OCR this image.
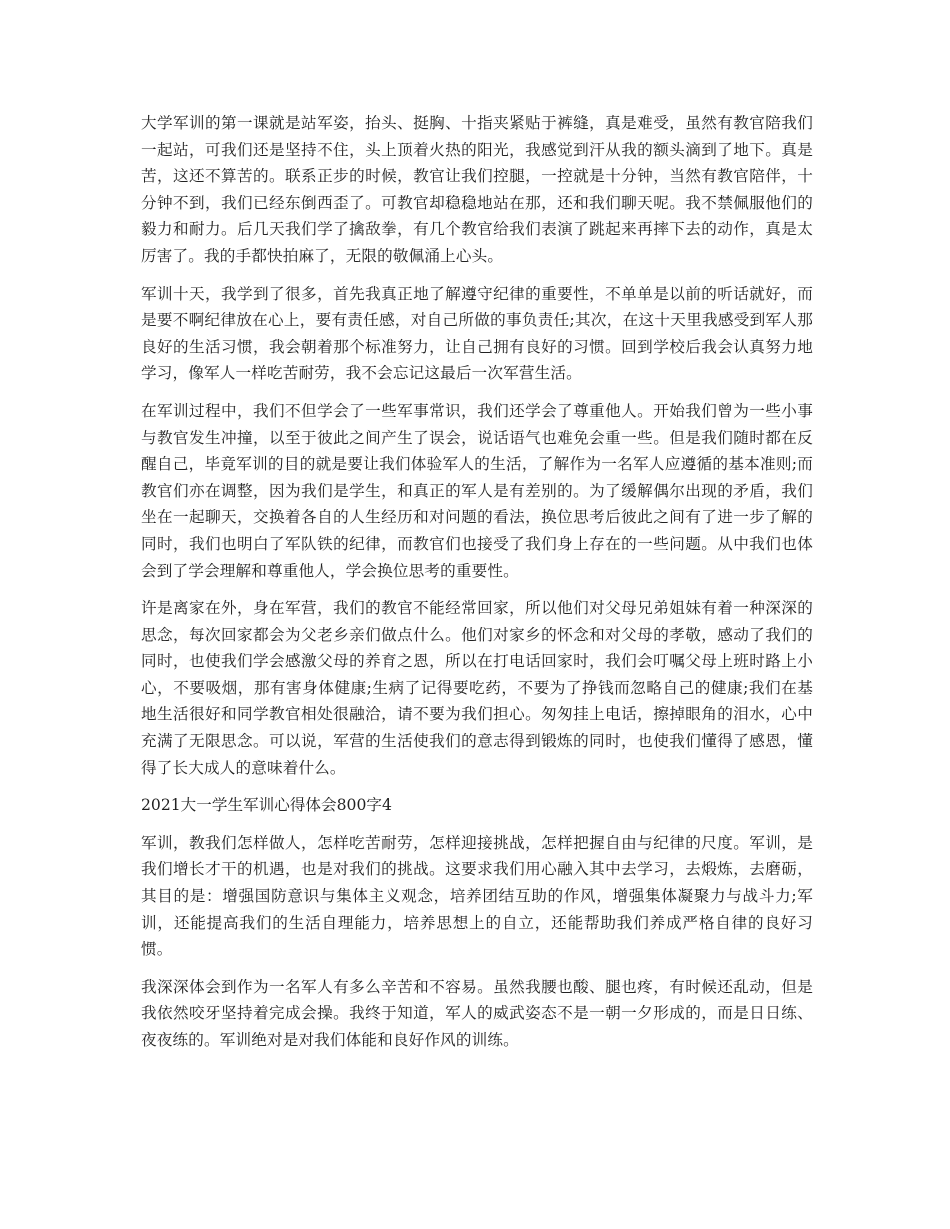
大学军训的第一课就是站军姿，抬头、挺胸、十指夹紧贴于裤缝，真是难受，虽然有教官陪我们一起站，可我们还是坚持不住，头上顶着火热的阳光，我感觉到汗从我的额头滴到了地下。真是苦，这还不算苦的。联系正步的时候，教官让我们控腿，一控就是十分钟，当然有教官陪伴，十分钟不到，我们已经东倒西歪了。可教官却稳稳地站在那，还和我们聊天呢。我不禁佩服他们的毅力和耐力。后几天我们学了擒敌拳，有几个教官给我们表演了跳起来再摔下去的动作，真是太厉害了。我的手都快拍麻了，无限的敬佩涌上心头。

军训十天，我学到了很多，首先我真正地了解遵守纪律的重要性，不单单是以前的听话就好，而是要不啊纪律放在心上，要有责任感，对自己所做的事负责任;其次，在这十天里我感受到军人那良好的生活习惯，我会朝着那个标准努力，让自己拥有良好的习惯。回到学校后我会认真努力地学习，像军人一样吃苦耐劳，我不会忘记这最后一次军营生活。

在军训过程中，我们不但学会了一些军事常识，我们还学会了尊重他人。开始我们曾为一些小事与教官发生冲撞，以至于彼此之间产生了误会，说话语气也难免会重一些。但是我们随时都在反醒自己，毕竟军训的目的就是要让我们体验军人的生活，了解作为一名军人应遵循的基本准则;而教官们亦在调整，因为我们是学生，和真正的军人是有差别的。为了缓解偶尔出现的矛盾，我们坐在一起聊天，交换着各自的人生经历和对问题的看法，换位思考后彼此之间有了进一步了解的同时，我们也明白了军队铁的纪律，而教官们也接受了我们身上存在的一些问题。从中我们也体会到了学会理解和尊重他人，学会换位思考的重要性。

许是离家在外，身在军营，我们的教官不能经常回家，所以他们对父母兄弟姐妹有着一种深深的思念，每次回家都会为父老乡亲们做点什么。他们对家乡的怀念和对父母的孝敬，感动了我们的同时，也使我们学会感激父母的养育之恩，所以在打电话回家时，我们会叮嘱父母上班时路上小心，不要吸烟，那有害身体健康;生病了记得要吃药，不要为了挣钱而忽略自己的健康;我们在基地生活很好和同学教官相处很融洽，请不要为我们担心。匆匆挂上电话，擦掉眼角的泪水，心中充满了无限思念。可以说，军营的生活使我们的意志得到锻炼的同时，也使我们懂得了感恩，懂得了长大成人的意味着什么。

2021大一学生军训心得体会800字4

军训，教我们怎样做人，怎样吃苦耐劳，怎样迎接挑战，怎样把握自由与纪律的尺度。军训，是我们增长才干的机遇，也是对我们的挑战。这要求我们用心融入其中去学习，去煅炼，去磨砺，其目的是：增强国防意识与集体主义观念，培养团结互助的作风，增强集体凝聚力与战斗力;军训，还能提高我们的生活自理能力，培养思想上的自立，还能帮助我们养成严格自律的良好习惯。

我深深体会到作为一名军人有多么辛苦和不容易。虽然我腰也酸、腿也疼，有时候还乱动，但是我依然咬牙坚持着完成会操。我终于知道，军人的威武姿态不是一朝一夕形成的，而是日日练、夜夜练的。军训绝对是对我们体能和良好作风的训练。
